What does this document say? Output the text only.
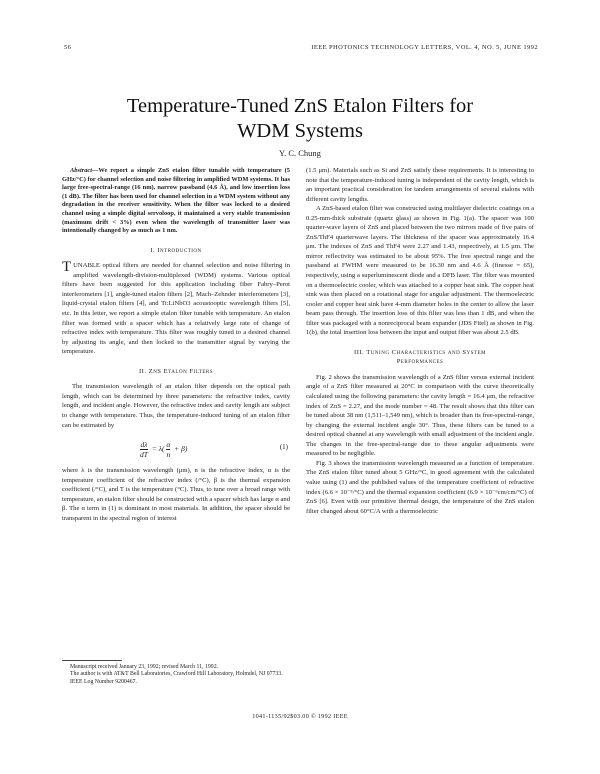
56	IEEE PHOTONICS TECHNOLOGY LETTERS, VOL. 4, NO. 5, JUNE 1992
Temperature-Tuned ZnS Etalon Filters for
WDM Systems
Y. C. Chung

Abstract—We report a simple ZnS etalon filter tunable with temperature (5 GHz/°C) for channel selection and noise filtering in amplified WDM systems. It has large free-spectral-range (16 nm), narrow passband (4.6 Å), and low insertion loss (1 dB). The filter has been used for channel selection in a WDM system without any degradation in the receiver sensitivity. When the filter was locked to a desired channel using a simple digital servoloop, it maintained a very stable transmission (maximum drift < 3%) even when the wavelength of transmitter laser was intentionally changed by as much as 1 nm.

I. Introduction

TUNABLE optical filters are needed for channel selection and noise filtering in amplified wavelength-division-multiplexed (WDM) systems. Various optical filters have been suggested for this application including fiber Fabry–Perot interferometers [1], angle-tuned etalon filters [2], Mach–Zehnder interferometers [3], liquid-crystal etalon filters [4], and Ti:LiNbO3 acoustooptic wavelength filters [5], etc. In this letter, we report a simple etalon filter tunable with temperature. An etalon filter was formed with a spacer which has a relatively large rate of change of refractive index with temperature. This filter was roughly tuned to a desired channel by adjusting its angle, and then locked to the transmitter signal by varying the temperature.

II. ZnS Etalon Filters

The transmission wavelength of an etalon filter depends on the optical path length, which can be determined by three parameters: the refractive index, cavity length, and incident angle. However, the refractive index and cavity length are subject to change with temperature. Thus, the temperature-induced tuning of an etalon filter can be estimated by

$\frac{d\lambda}{dT} = \lambda( \frac{\alpha}{n} + \beta)$	(1)

where λ is the transmission wavelength (μm), n is the refractive index, α is the temperature coefficient of the refractive index (/°C), β is the thermal expansion coefficient (/°C), and T is the temperature (°C). Thus, to tune over a broad range with temperature, an etalon filter should be constructed with a spacer which has large α and β. The α term in (1) is dominant in most materials. In addition, the spacer should be transparent in the spectral region of interest

Manuscript received January 23, 1992; revised March 11, 1992.

The author is with AT&T Bell Laboratories, Crawford Hill Laboratory, Holmdel, NJ 07733.

IEEE Log Number 9200467.

(1.5 μm). Materials such as Si and ZnS satisfy these requirements. It is interesting to note that the temperature-induced tuning is independent of the cavity length, which is an important practical consideration for tandem arrangements of several etalons with different cavity lengths.

A ZnS-based etalon filter was constructed using multilayer dielectric coatings on a 0.25-mm-thick substrate (quartz glass) as shown in Fig. 1(a). The spacer was 100 quarter-wave layers of ZnS and placed between the two mirrors made of five pairs of ZnS/ThF4 quarterwave layers. The thickness of the spacer was approximately 16.4 μm. The indexes of ZnS and ThF4 were 2.27 and 1.43, respectively, at 1.5 μm. The mirror reflectivity was estimated to be about 95%. The free spectral range and the passband at FWHM were measured to be 16.30 nm and 4.6 Å (finesse = 65), respectively, using a superluminescent diode and a DFB laser. The filter was mounted on a thermoelectric cooler, which was attached to a copper heat sink. The copper heat sink was then placed on a rotational stage for angular adjustment. The thermoelectric cooler and copper heat sink have 4-mm diameter holes in the center to allow the laser beam pass through. The insertion loss of this filter was less than 1 dB, and when the filter was packaged with a nonreciprocal beam expander (JDS Fitel) as shown in Fig. 1(b), the total insertion loss between the input and output fiber was about 2.5 dB.

III. Tuning Characteristics and System
Performances

Fig. 2 shows the transmission wavelength of a ZnS filter versus external incident angle of a ZnS filter measured at 20°C in comparison with the curve theoretically calculated using the following parameters: the cavity length = 16.4 μm, the refractive index of ZnS = 2.27, and the mode number = 48. The result shows that this filter can be tuned about 38 nm (1,511–1,549 nm), which is broader than its free-spectral-range, by changing the external incident angle 30°. Thus, these filters can be tuned to a desired optical channel at any wavelength with small adjustment of the incident angle. The changes in the free-spectral-range due to these angular adjustments were measured to be negligible.

Fig. 3 shows the transmission wavelength measured as a function of temperature. The ZnS etalon filter tuned about 5 GHz/°C, in good agreement with the calculated value using (1) and the published values of the temperature coefficient of refractive index (6.6 × 10⁻⁵/°C) and the thermal expansion coefficient (6.9 × 10⁻⁶cm/cm/°C) of ZnS [6]. Even with our primitive thermal design, the temperature of the ZnS etalon filter changed about 60°C/A with a thermoelectric

1041-1135/92$03.00 © 1992 IEEE
